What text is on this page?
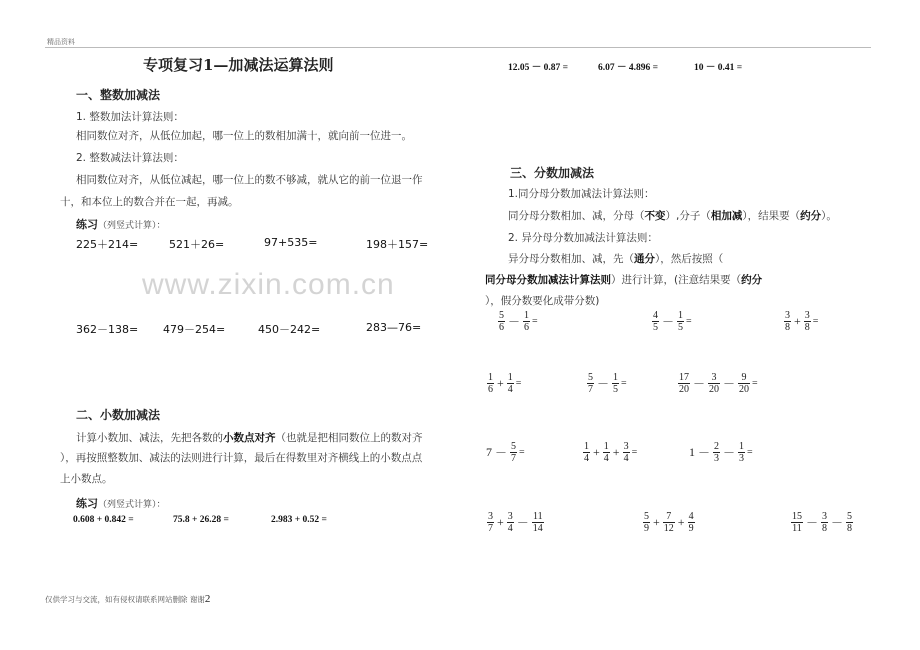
精品资料
www.zixin.com.cn
专项复习1—加减法运算法则
一、整数加减法
1. 整数加法计算法则：
相同数位对齐，从低位加起，哪一位上的数相加满十，就向前一位进一。
2. 整数减法计算法则：
相同数位对齐，从低位减起，哪一位上的数不够减，就从它的前一位退一作
十，和本位上的数合并在一起，再减。
练习（列竖式计算）：
225＋214=	521＋26=	97+535=	198＋157=
362－138= 479－254=	450－242=	283—76=
二、小数加减法
计算小数加、减法，先把各数的小数点对齐（也就是把相同数位上的数对齐
），再按照整数加、减法的法则进行计算，最后在得数里对齐横线上的小数点点
上小数点。
练习（列竖式计算）：
0.608 + 0.842 =	75.8 + 26.28 =	2.983 + 0.52 =
12.05 － 0.87 =	6.07 － 4.896 =	10 － 0.41 =
三、分数加减法
1.同分母分数加减法计算法则：
同分母分数相加、减，分母（不变）,分子（相加减），结果要（约分）。
2. 异分母分数加减法计算法则：
异分母分数相加、减，先（通分），然后按照（
同分母分数加减法计算法则）进行计算，(注意结果要（约分
），假分数要化成带分数)
$\frac{5}{6} - \frac{1}{6}$ =	$\frac{4}{5} - \frac{1}{5}$ =	$\frac{3}{8} + \frac{3}{8}$ =
$\frac{1}{6} + \frac{1}{4}$ =	$\frac{5}{7} - \frac{1}{5}$ =	$\frac{17}{20} - \frac{3}{20} - \frac{9}{20}$ =
$7 - \frac{5}{7}$ =	$\frac{1}{4} + \frac{1}{4} + \frac{3}{4}$ =	$1 - \frac{2}{3} - \frac{1}{3}$ =
$\frac{3}{7} + \frac{3}{4} - \frac{11}{14}$	$\frac{5}{9} + \frac{7}{12} + \frac{4}{9}$	$\frac{15}{11} - \frac{3}{8} - \frac{5}{8}$
仅供学习与交流，如有侵权请联系网站删除 谢谢2
